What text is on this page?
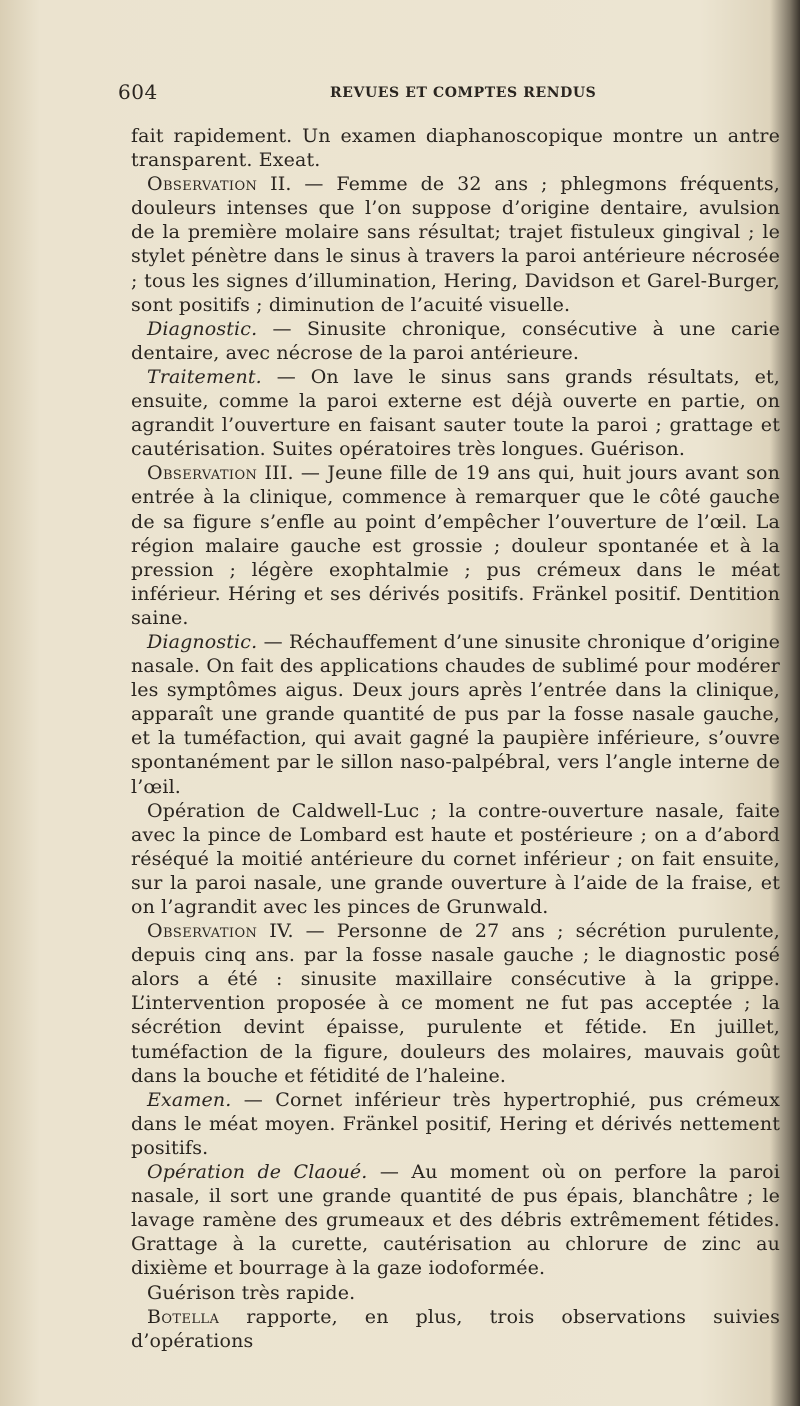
604	REVUES ET COMPTES RENDUS

fait rapidement. Un examen diaphanoscopique montre un antre transparent. Exeat.

Observation II. — Femme de 32 ans ; phlegmons fréquents, douleurs intenses que l’on suppose d’origine dentaire, avulsion de la première molaire sans résultat; trajet fistuleux gingival ; le stylet pénètre dans le sinus à travers la paroi antérieure nécrosée ; tous les signes d’illumination, Hering, Davidson et Garel-Burger, sont positifs ; diminution de l’acuité visuelle.

Diagnostic. — Sinusite chronique, consécutive à une carie dentaire, avec nécrose de la paroi antérieure.

Traitement. — On lave le sinus sans grands résultats, et, ensuite, comme la paroi externe est déjà ouverte en partie, on agrandit l’ouverture en faisant sauter toute la paroi ; grattage et cautérisation. Suites opératoires très longues. Guérison.

Observation III. — Jeune fille de 19 ans qui, huit jours avant son entrée à la clinique, commence à remarquer que le côté gauche de sa figure s’enfle au point d’empêcher l’ouverture de l’œil. La région malaire gauche est grossie ; douleur spontanée et à la pression ; légère exophtalmie ; pus crémeux dans le méat inférieur. Héring et ses dérivés positifs. Fränkel positif. Dentition saine.

Diagnostic. — Réchauffement d’une sinusite chronique d’origine nasale. On fait des applications chaudes de sublimé pour modérer les symptômes aigus. Deux jours après l’entrée dans la clinique, apparaît une grande quantité de pus par la fosse nasale gauche, et la tuméfaction, qui avait gagné la paupière inférieure, s’ouvre spontanément par le sillon naso-palpébral, vers l’angle interne de l’œil.

Opération de Caldwell-Luc ; la contre-ouverture nasale, faite avec la pince de Lombard est haute et postérieure ; on a d’abord réséqué la moitié antérieure du cornet inférieur ; on fait ensuite, sur la paroi nasale, une grande ouverture à l’aide de la fraise, et on l’agrandit avec les pinces de Grunwald.

Observation IV. — Personne de 27 ans ; sécrétion purulente, depuis cinq ans. par la fosse nasale gauche ; le diagnostic posé alors a été : sinusite maxillaire consécutive à la grippe. L’intervention proposée à ce moment ne fut pas acceptée ; la sécrétion devint épaisse, purulente et fétide. En juillet, tuméfaction de la figure, douleurs des molaires, mauvais goût dans la bouche et fétidité de l’haleine.

Examen. — Cornet inférieur très hypertrophié, pus crémeux dans le méat moyen. Fränkel positif, Hering et dérivés nettement positifs.

Opération de Claoué. — Au moment où on perfore la paroi nasale, il sort une grande quantité de pus épais, blanchâtre ; le lavage ramène des grumeaux et des débris extrêmement fétides. Grattage à la curette, cautérisation au chlorure de zinc au dixième et bourrage à la gaze iodoformée.

Guérison très rapide.

Botella rapporte, en plus, trois observations suivies d’opérations
